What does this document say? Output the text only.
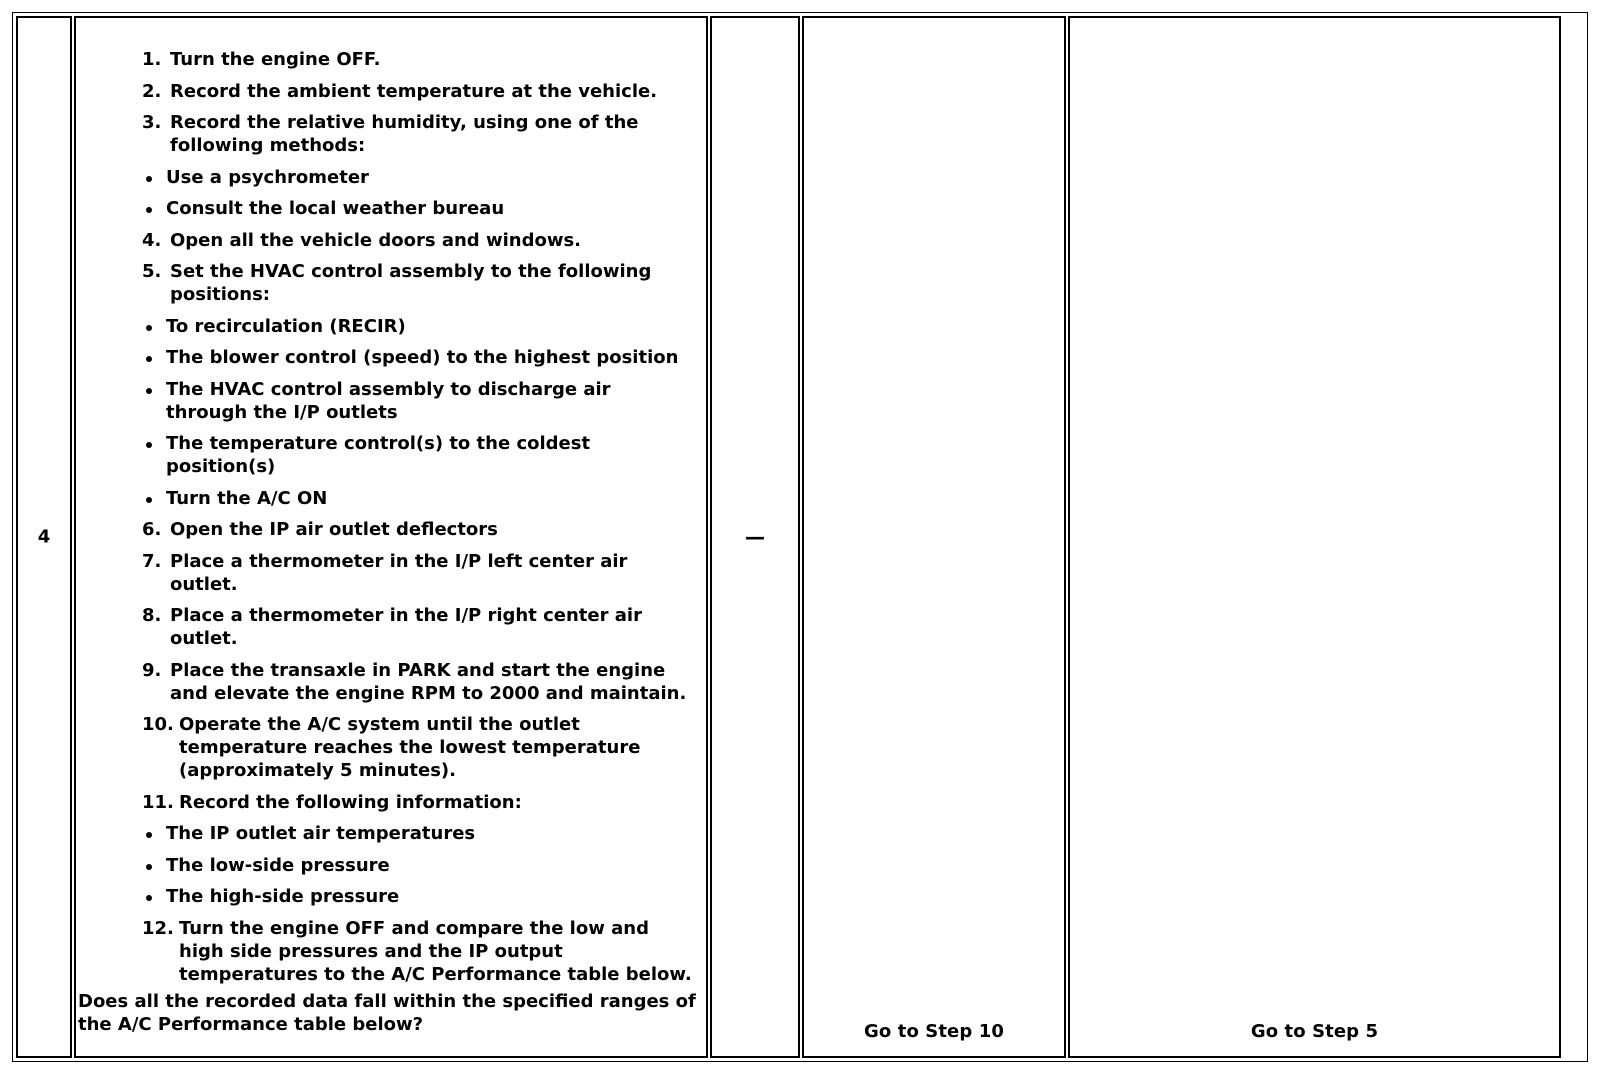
4
1. Turn the engine OFF.
2. Record the ambient temperature at the vehicle.
3. Record the relative humidity, using one of the following methods:
Use a psychrometer
Consult the local weather bureau
4. Open all the vehicle doors and windows.
5. Set the HVAC control assembly to the following positions:
To recirculation (RECIR)
The blower control (speed) to the highest position
The HVAC control assembly to discharge air through the I/P outlets
The temperature control(s) to the coldest position(s)
Turn the A/C ON
6. Open the IP air outlet deflectors
7. Place a thermometer in the I/P left center air outlet.
8. Place a thermometer in the I/P right center air outlet.
9. Place the transaxle in PARK and start the engine and elevate the engine RPM to 2000 and maintain.
10. Operate the A/C system until the outlet temperature reaches the lowest temperature (approximately 5 minutes).
11. Record the following information:
The IP outlet air temperatures
The low-side pressure
The high-side pressure
12. Turn the engine OFF and compare the low and high side pressures and the IP output temperatures to the A/C Performance table below.
Does all the recorded data fall within the specified ranges of the A/C Performance table below?
—
Go to Step 10	Go to Step 5
